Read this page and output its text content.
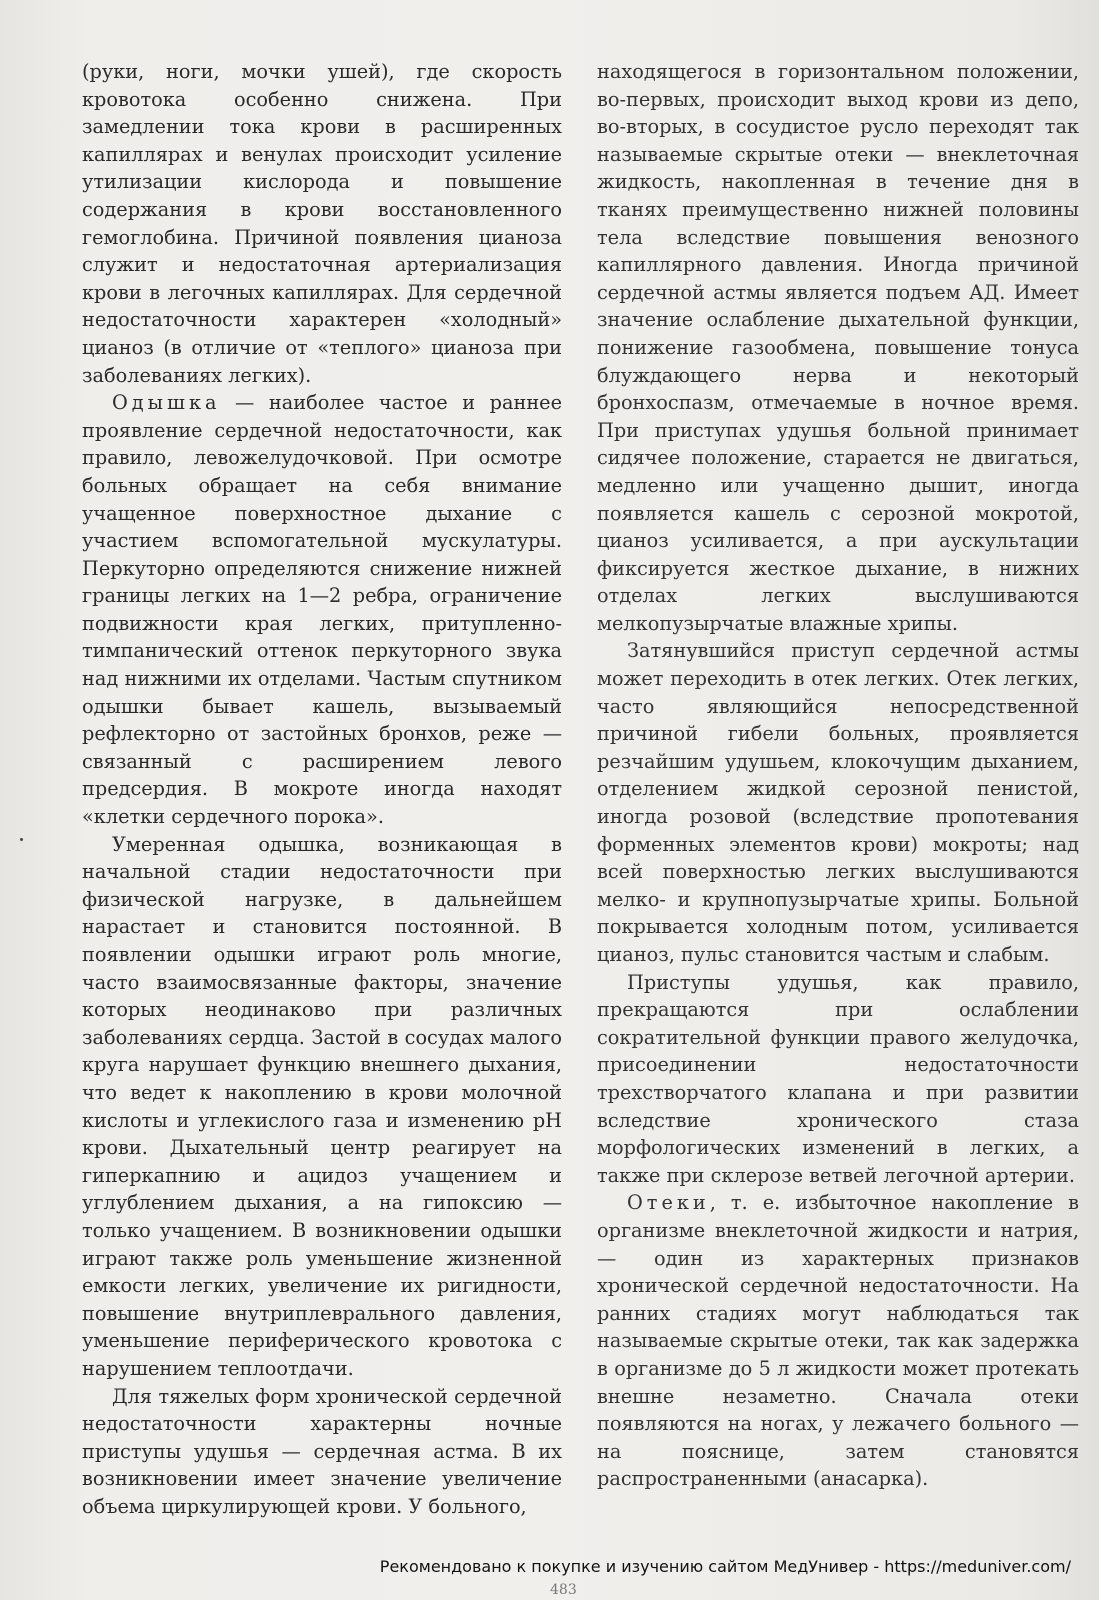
(руки, ноги, мочки ушей), где скорость кровотока особенно снижена. При замедлении тока крови в расширенных капиллярах и венулах происходит усиление утилизации кислорода и повышение содержания в крови восстановленного гемоглобина. Причиной появления цианоза служит и недостаточная артериализация крови в легочных капиллярах. Для сердечной недостаточности характерен «холодный» цианоз (в отличие от «теплого» цианоза при заболеваниях легких).

Одышка — наиболее частое и раннее проявление сердечной недостаточности, как правило, левожелудочковой. При осмотре больных обращает на себя внимание учащенное поверхностное дыхание с участием вспомогательной мускулатуры. Перкуторно определяются снижение нижней границы легких на 1—2 ребра, ограничение подвижности края легких, притупленно-тимпанический оттенок перкуторного звука над нижними их отделами. Частым спутником одышки бывает кашель, вызываемый рефлекторно от застойных бронхов, реже — связанный с расширением левого предсердия. В мокроте иногда находят «клетки сердечного порока».

Умеренная одышка, возникающая в начальной стадии недостаточности при физической нагрузке, в дальнейшем нарастает и становится постоянной. В появлении одышки играют роль многие, часто взаимосвязанные факторы, значение которых неодинаково при различных заболеваниях сердца. Застой в сосудах малого круга нарушает функцию внешнего дыхания, что ведет к накоплению в крови молочной кислоты и углекислого газа и изменению pH крови. Дыхательный центр реагирует на гиперкапнию и ацидоз учащением и углублением дыхания, а на гипоксию — только учащением. В возникновении одышки играют также роль уменьшение жизненной емкости легких, увеличение их ригидности, повышение внутриплеврального давления, уменьшение периферического кровотока с нарушением теплоотдачи.

Для тяжелых форм хронической сердечной недостаточности характерны ночные приступы удушья — сердечная астма. В их возникновении имеет значение увеличение объема циркулирующей крови. У больного,

находящегося в горизонтальном положении, во-первых, происходит выход крови из депо, во-вторых, в сосудистое русло переходят так называемые скрытые отеки — внеклеточная жидкость, накопленная в течение дня в тканях преимущественно нижней половины тела вследствие повышения венозного капиллярного давления. Иногда причиной сердечной астмы является подъем АД. Имеет значение ослабление дыхательной функции, понижение газообмена, повышение тонуса блуждающего нерва и некоторый бронхоспазм, отмечаемые в ночное время. При приступах удушья больной принимает сидячее положение, старается не двигаться, медленно или учащенно дышит, иногда появляется кашель с серозной мокротой, цианоз усиливается, а при аускультации фиксируется жесткое дыхание, в нижних отделах легких выслушиваются мелкопузырчатые влажные хрипы.

Затянувшийся приступ сердечной астмы может переходить в отек легких. Отек легких, часто являющийся непосредственной причиной гибели больных, проявляется резчайшим удушьем, клокочущим дыханием, отделением жидкой серозной пенистой, иногда розовой (вследствие пропотевания форменных элементов крови) мокроты; над всей поверхностью легких выслушиваются мелко- и крупнопузырчатые хрипы. Больной покрывается холодным потом, усиливается цианоз, пульс становится частым и слабым.

Приступы удушья, как правило, прекращаются при ослаблении сократительной функции правого желудочка, присоединении недостаточности трехстворчатого клапана и при развитии вследствие хронического стаза морфологических изменений в легких, а также при склерозе ветвей легочной артерии.

Отеки, т. е. избыточное накопление в организме внеклеточной жидкости и натрия,— один из характерных признаков хронической сердечной недостаточности. На ранних стадиях могут наблюдаться так называемые скрытые отеки, так как задержка в организме до 5 л жидкости может протекать внешне незаметно. Сначала отеки появляются на ногах, у лежачего больного — на пояснице, затем становятся распространенными (анасарка).

Рекомендовано к покупке и изучению сайтом МедУнивер - https://meduniver.com/
483
